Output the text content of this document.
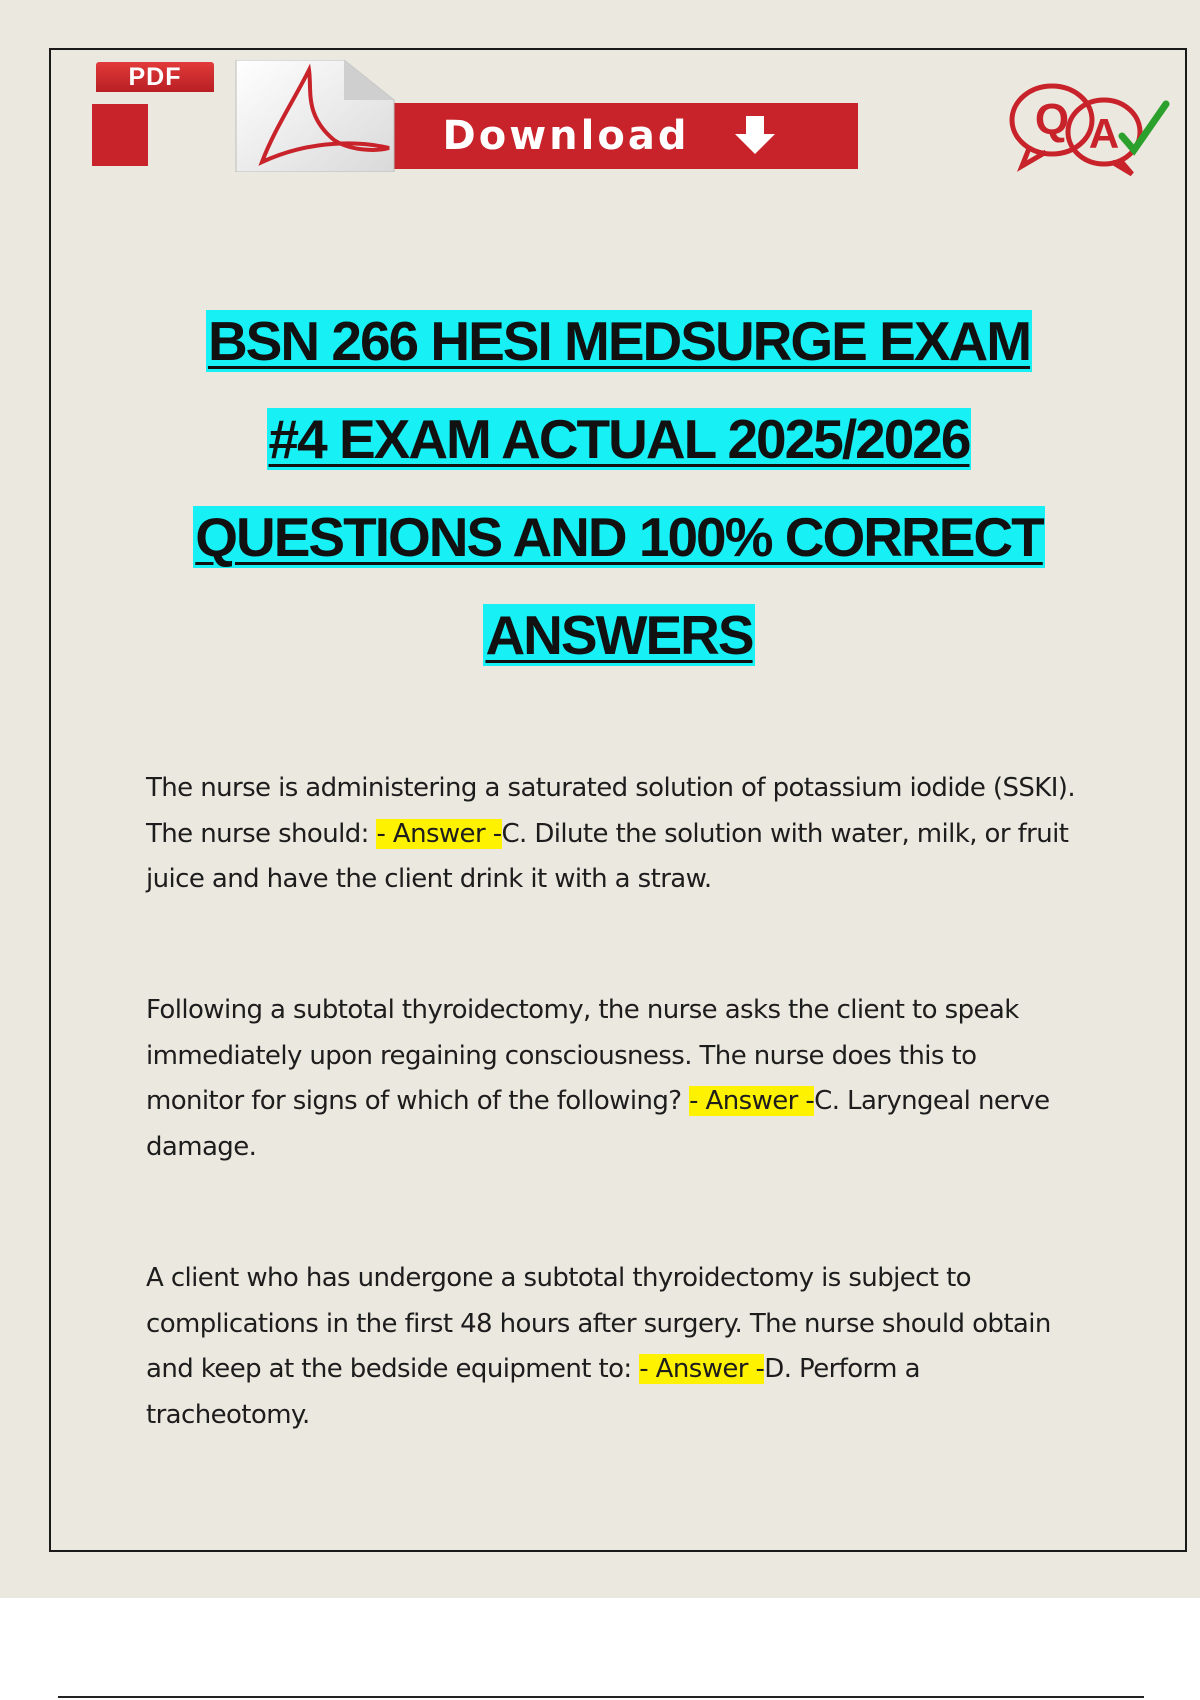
Download
PDF
Q A
BSN 266 HESI MEDSURGE EXAM
#4 EXAM ACTUAL 2025/2026
QUESTIONS AND 100% CORRECT
ANSWERS
The nurse is administering a saturated solution of potassium iodide (SSKI). The nurse should: - Answer -C. Dilute the solution with water, milk, or fruit juice and have the client drink it with a straw.
Following a subtotal thyroidectomy, the nurse asks the client to speak immediately upon regaining consciousness. The nurse does this to monitor for signs of which of the following? - Answer -C. Laryngeal nerve damage.
A client who has undergone a subtotal thyroidectomy is subject to complications in the first 48 hours after surgery. The nurse should obtain and keep at the bedside equipment to: - Answer -D. Perform a tracheotomy.
